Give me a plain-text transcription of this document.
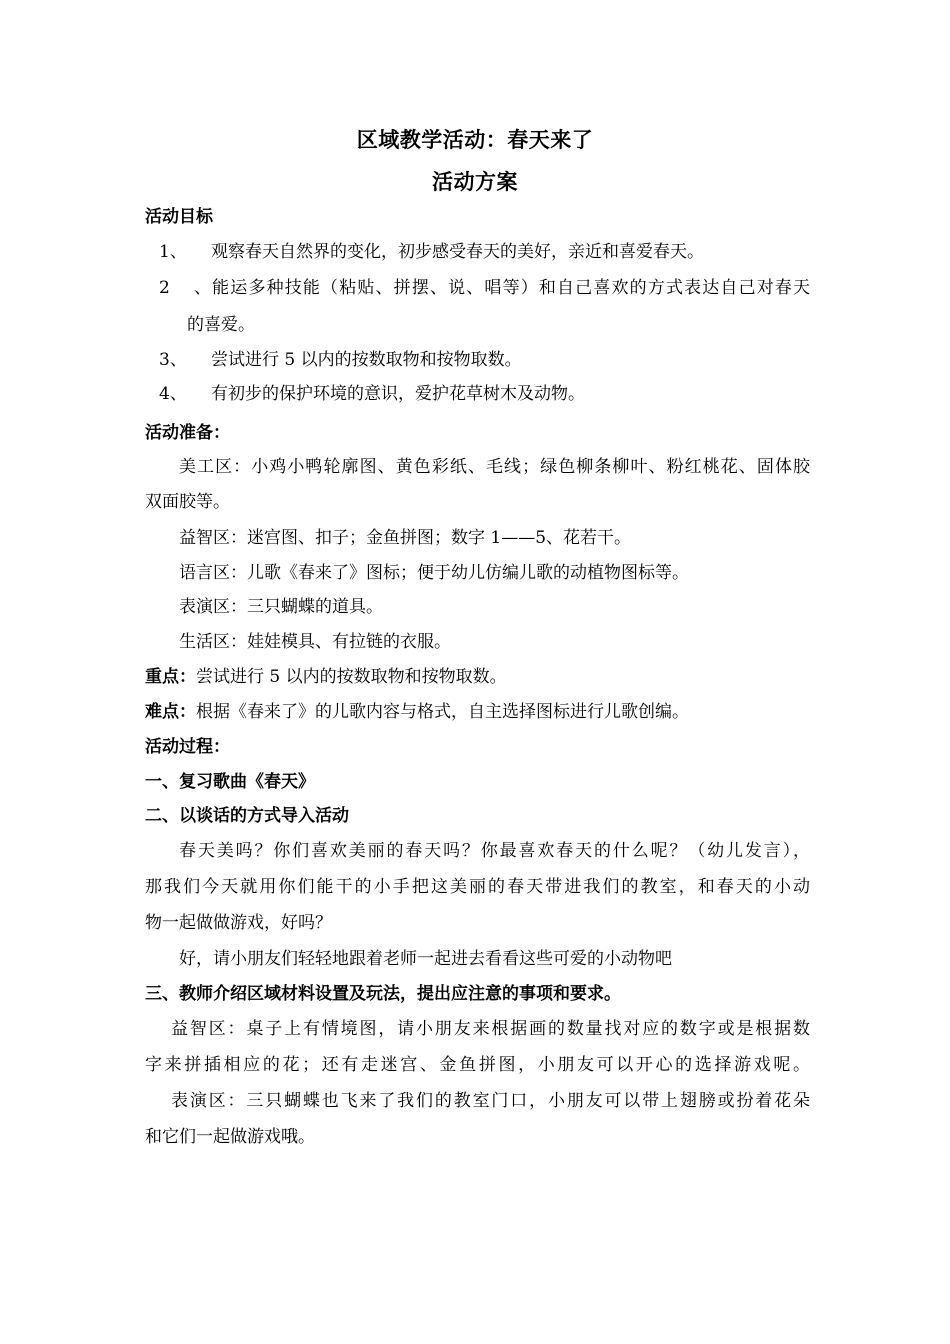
区域教学活动：春天来了
活动方案
活动目标
1、 观察春天自然界的变化，初步感受春天的美好，亲近和喜爱春天。
2、能运多种技能（粘贴、拼摆、说、唱等）和自己喜欢的方式表达自己对春天
的喜爱。
3、 尝试进行 5 以内的按数取物和按物取数。
4、 有初步的保护环境的意识，爱护花草树木及动物。
活动准备：
美工区：小鸡小鸭轮廓图、黄色彩纸、毛线；绿色柳条柳叶、粉红桃花、固体胶
双面胶等。
益智区：迷宫图、扣子；金鱼拼图；数字 1——5、花若干。
语言区：儿歌《春来了》图标；便于幼儿仿编儿歌的动植物图标等。
表演区：三只蝴蝶的道具。
生活区：娃娃模具、有拉链的衣服。
重点：尝试进行 5 以内的按数取物和按物取数。
难点：根据《春来了》的儿歌内容与格式，自主选择图标进行儿歌创编。
活动过程：
一、复习歌曲《春天》
二、以谈话的方式导入活动
春天美吗？你们喜欢美丽的春天吗？你最喜欢春天的什么呢？（幼儿发言），
那我们今天就用你们能干的小手把这美丽的春天带进我们的教室，和春天的小动
物一起做做游戏，好吗？
好，请小朋友们轻轻地跟着老师一起进去看看这些可爱的小动物吧
三、教师介绍区域材料设置及玩法，提出应注意的事项和要求。
益智区：桌子上有情境图，请小朋友来根据画的数量找对应的数字或是根据数
字来拼插相应的花；还有走迷宫、金鱼拼图，小朋友可以开心的选择游戏呢。
表演区：三只蝴蝶也飞来了我们的教室门口，小朋友可以带上翅膀或扮着花朵
和它们一起做游戏哦。
